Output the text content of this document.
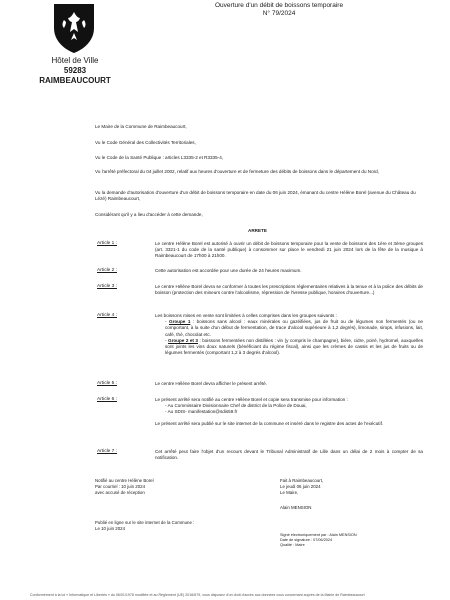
Hôtel de Ville
59283 RAIMBEAUCOURT
Ouverture d'un débit de boissons temporaire
N° 79/2024
Le Maire de la Commune de Raimbeaucourt,
Vu le Code Général des Collectivités Territoriales,
Vu le Code de la Santé Publique : articles L3335-2 et R3335-4,
Vu l'arrêté préfectoral du 04 juillet 2002, relatif aux heures d'ouverture et de fermeture des débits de boissons dans le département du Nord,
Vu la demande d'autorisation d'ouverture d'un débit de boissons temporaire en date du 06 juin 2024, émanant du centre Hélène Borel (avenue du Château du Lézé) Raimbeaucourt,
Considérant qu'il y a lieu d'accéder à cette demande,
ARRETE
Article 1 :	Le centre Hélène Borel est autorisé à ouvrir un débit de boissons temporaire pour la vente de boissons des 1ère et 3ème groupes (art. 3321-1 du code de la santé publique) à consommer sur place le vendredi 21 juin 2024 lors de la fête de la musique à Raimbeaucourt de 17h00 à 21h00.
Article 2 :	Cette autorisation est accordée pour une durée de 24 heures maximum.
Article 3 :	Le centre Hélène Borel devra se conformer à toutes les prescriptions réglementaires relatives à la tenue et à la police des débits de boisson (protection des mineurs contre l'alcoolisme, répression de l'ivresse publique, horaires d'ouverture...)
Article 4 :	Les boissons mises en vente sont limitées à celles comprises dans les groupes suivants :
- Groupe 1 : boissons sans alcool : eaux minérales ou gazéifiées, jus de fruit ou de légumes non fermentés (ou ne comportant, à la suite d'un début de fermentation, de trace d'alcool supérieure à 1,2 degrés), limonade, sirops, infusions, lait, café, thé, chocolat etc.
- Groupe 2 et 3 : boissons fermentées non distillées : vin (y compris le champagne), bière, cidre, poiré, hydromel, auxquelles sont joints les vins doux naturels (bénéficiant du régime fiscal), ainsi que les crèmes de cassis et les jus de fruits ou de légumes fermentés (comportant 1,2 à 3 degrés d'alcool).
Article 5 :	Le centre Hélène Borel devra afficher le présent arrêté.
Article 6 :	Le présent arrêté sera notifié au centre Hélène Borel et copie sera transmise pour information :
- Au Commissaire Divisionnaire Chef de district de la Police de Douai,
- Au SDIS- manifestation@sdis59.fr
Le présent arrêté sera publié sur le site internet de la commune et inséré dans le registre des actes de l'exécutif.
Article 7 :	Cet arrêté peut faire l'objet d'un recours devant le Tribunal Administratif de Lille dans un délai de 2 mois à compter de sa notification.
Notifié au centre Hélène Borel
Par courriel : 10 juin 2024
avec accusé de réception
Fait à Raimbeaucourt,
Le jeudi 06 juin 2024
Le Maire,
Alain MENSION
Publié en ligne sur le site internet de la Commune :
Le 10 juin 2024
Signé électroniquement par : Alain MENSION
Date de signature : 07/06/2024
Qualité : Maire
Conformément à la loi « Informatique et Libertés » du 06/01/1978 modifiée et au Règlement (UE) 2016/679, vous disposez d'un droit d'accès aux données vous concernant auprès de la Mairie de Raimbeaucourt
